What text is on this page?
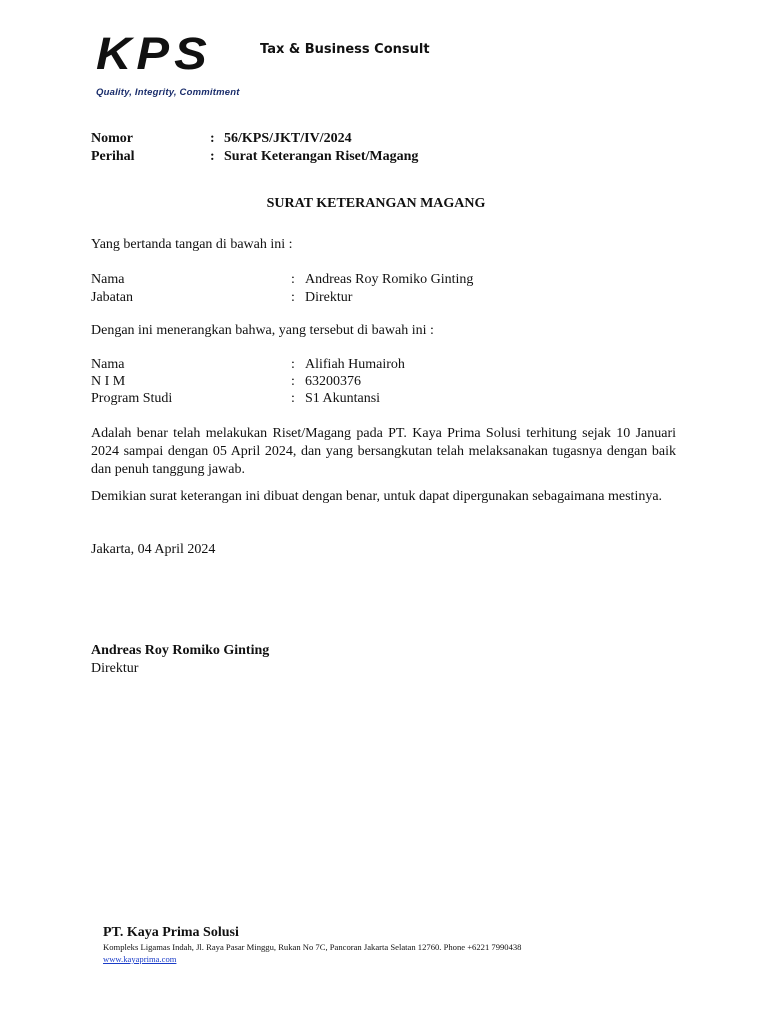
KPS
Quality, Integrity, Commitment
Tax & Business Consult
Nomor	: 56/KPS/JKT/IV/2024
Perihal	: Surat Keterangan Riset/Magang
SURAT KETERANGAN MAGANG
Yang bertanda tangan di bawah ini :
Nama	: Andreas Roy Romiko Ginting
Jabatan	: Direktur
Dengan ini menerangkan bahwa, yang tersebut di bawah ini :
Nama	: Alifiah Humairoh
N I M	: 63200376
Program Studi	: S1 Akuntansi
Adalah benar telah melakukan Riset/Magang pada PT. Kaya Prima Solusi terhitung sejak 10 Januari 2024 sampai dengan 05 April 2024, dan yang bersangkutan telah melaksanakan tugasnya dengan baik dan penuh tanggung jawab.
Demikian surat keterangan ini dibuat dengan benar, untuk dapat dipergunakan sebagaimana mestinya.
Jakarta, 04 April 2024
Andreas Roy Romiko Ginting
Direktur
PT. Kaya Prima Solusi
Kompleks Ligamas Indah, Jl. Raya Pasar Minggu, Rukan No 7C, Pancoran Jakarta Selatan 12760. Phone +6221 7990438
www.kayaprima.com
